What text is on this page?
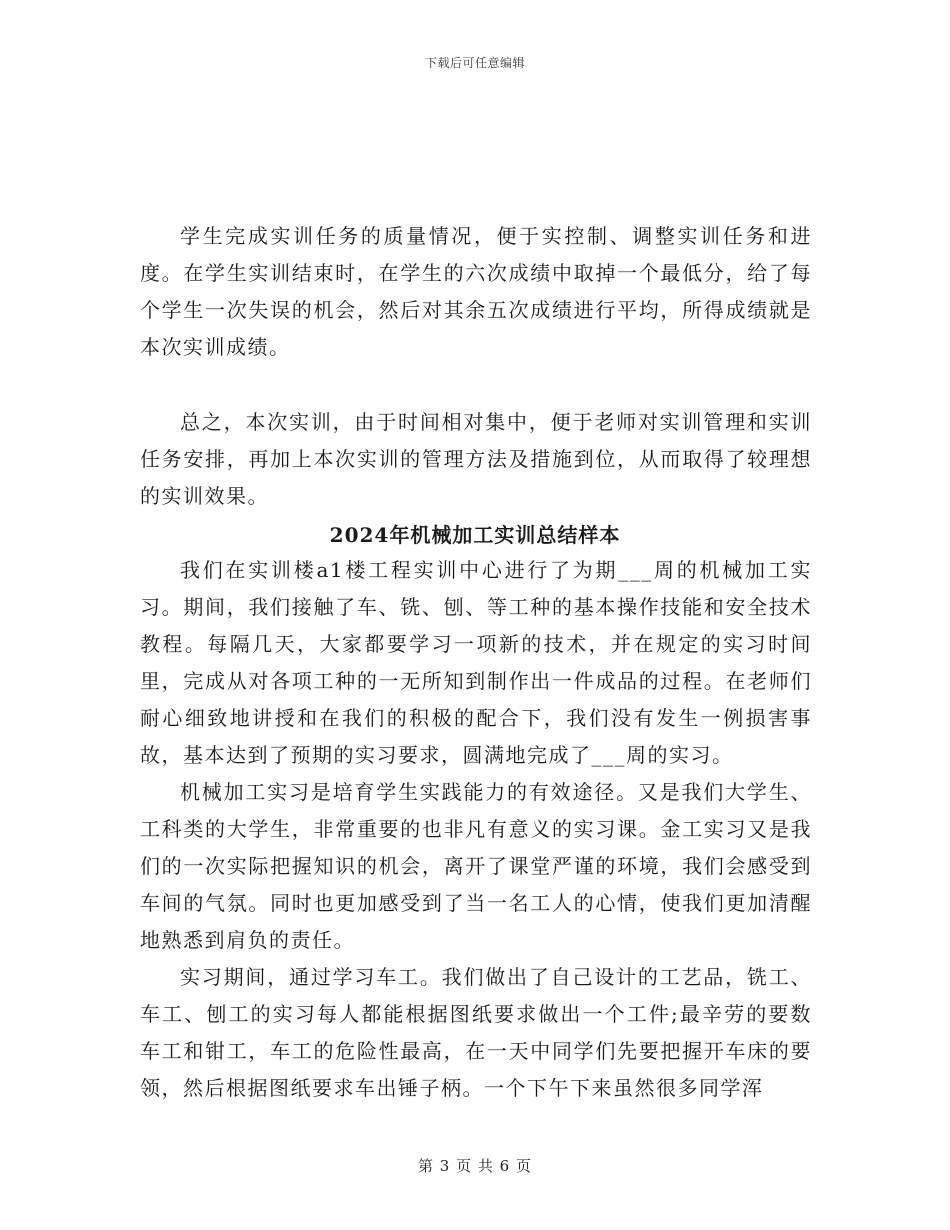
下载后可任意编辑

学生完成实训任务的质量情况，便于实控制、调整实训任务和进度。在学生实训结束时，在学生的六次成绩中取掉一个最低分，给了每个学生一次失误的机会，然后对其余五次成绩进行平均，所得成绩就是本次实训成绩。

总之，本次实训，由于时间相对集中，便于老师对实训管理和实训任务安排，再加上本次实训的管理方法及措施到位，从而取得了较理想的实训效果。

2024年机械加工实训总结样本

我们在实训楼a1楼工程实训中心进行了为期___周的机械加工实习。期间，我们接触了车、铣、刨、等工种的基本操作技能和安全技术教程。每隔几天，大家都要学习一项新的技术，并在规定的实习时间里，完成从对各项工种的一无所知到制作出一件成品的过程。在老师们耐心细致地讲授和在我们的积极的配合下，我们没有发生一例损害事故，基本达到了预期的实习要求，圆满地完成了___周的实习。

机械加工实习是培育学生实践能力的有效途径。又是我们大学生、工科类的大学生，非常重要的也非凡有意义的实习课。金工实习又是我们的一次实际把握知识的机会，离开了课堂严谨的环境，我们会感受到车间的气氛。同时也更加感受到了当一名工人的心情，使我们更加清醒地熟悉到肩负的责任。

实习期间，通过学习车工。我们做出了自己设计的工艺品，铣工、车工、刨工的实习每人都能根据图纸要求做出一个工件;最辛劳的要数车工和钳工，车工的危险性最高，在一天中同学们先要把握开车床的要领，然后根据图纸要求车出锤子柄。一个下午下来虽然很多同学浑

第 3 页 共 6 页
